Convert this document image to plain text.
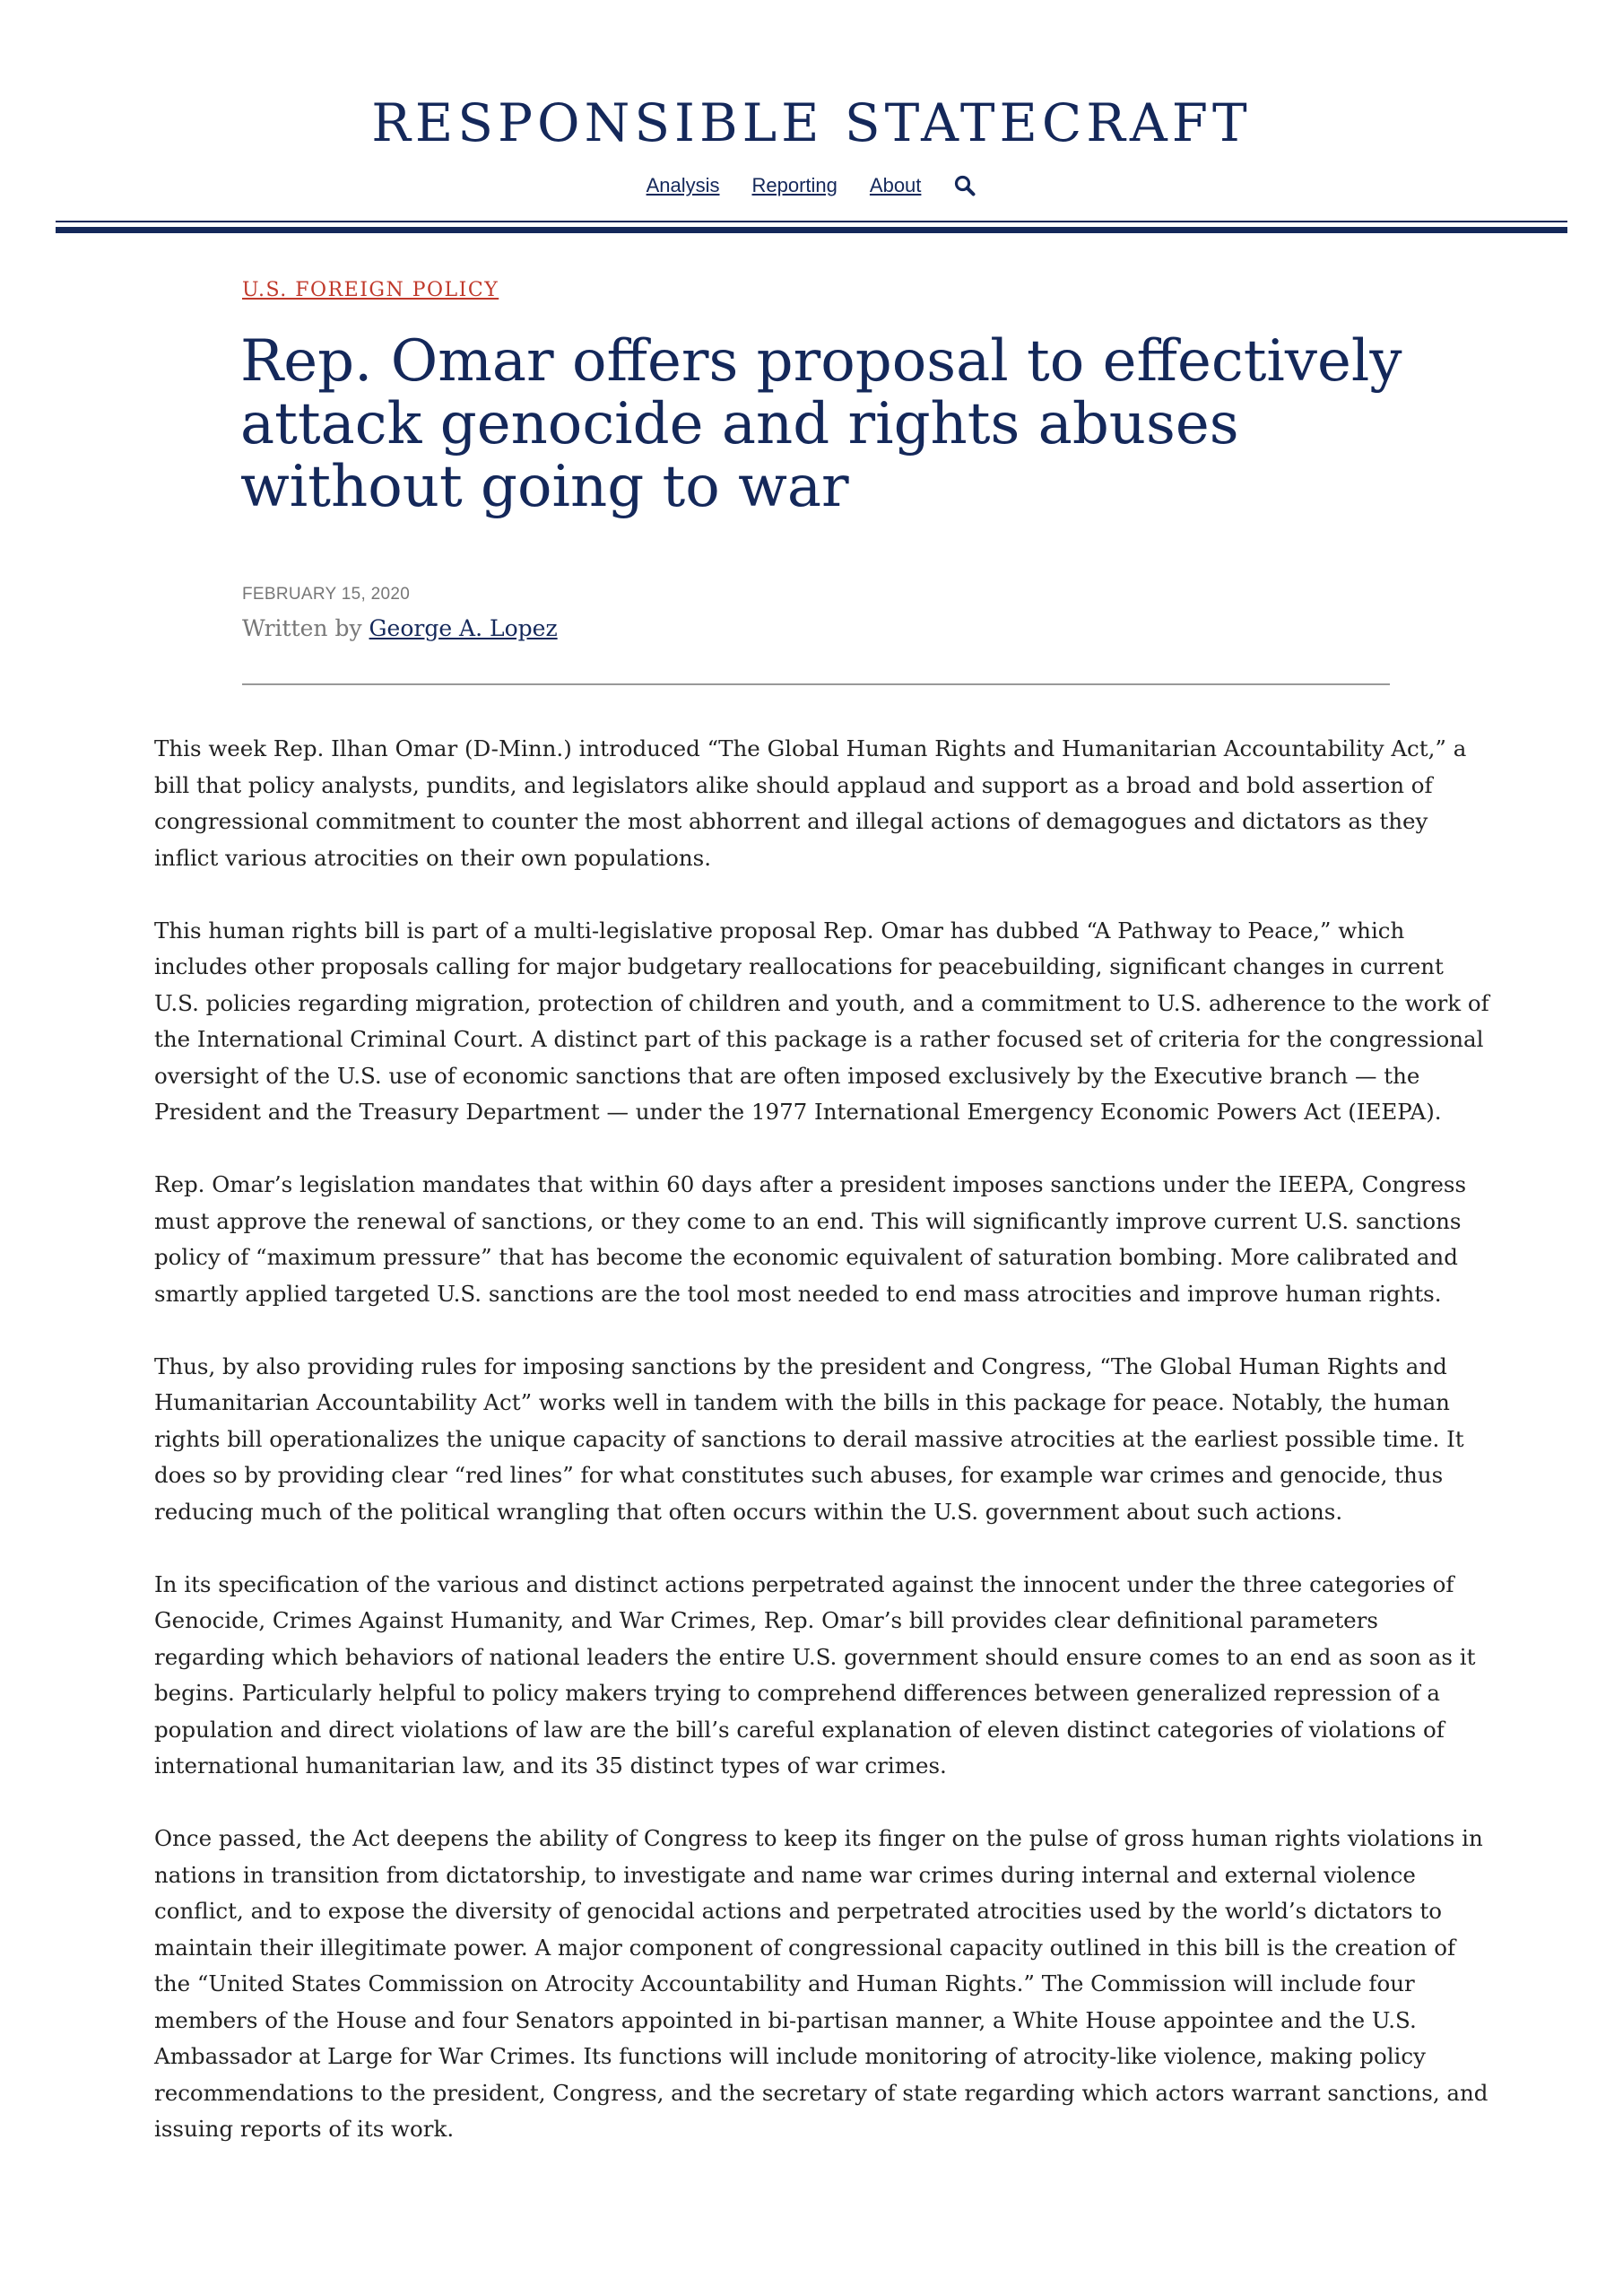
RESPONSIBLE STATECRAFT
Analysis Reporting About
U.S. FOREIGN POLICY
Rep. Omar offers proposal to effectively attack genocide and rights abuses without going to war
FEBRUARY 15, 2020
Written by George A. Lopez

This week Rep. Ilhan Omar (D-Minn.) introduced “The Global Human Rights and Humanitarian Accountability Act,” a bill that policy analysts, pundits, and legislators alike should applaud and support as a broad and bold assertion of congressional commitment to counter the most abhorrent and illegal actions of demagogues and dictators as they inflict various atrocities on their own populations.

This human rights bill is part of a multi-legislative proposal Rep. Omar has dubbed “A Pathway to Peace,” which includes other proposals calling for major budgetary reallocations for peacebuilding, significant changes in current U.S. policies regarding migration, protection of children and youth, and a commitment to U.S. adherence to the work of the International Criminal Court. A distinct part of this package is a rather focused set of criteria for the congressional oversight of the U.S. use of economic sanctions that are often imposed exclusively by the Executive branch — the President and the Treasury Department — under the 1977 International Emergency Economic Powers Act (IEEPA).

Rep. Omar’s legislation mandates that within 60 days after a president imposes sanctions under the IEEPA, Congress must approve the renewal of sanctions, or they come to an end. This will significantly improve current U.S. sanctions policy of “maximum pressure” that has become the economic equivalent of saturation bombing. More calibrated and smartly applied targeted U.S. sanctions are the tool most needed to end mass atrocities and improve human rights.

Thus, by also providing rules for imposing sanctions by the president and Congress, “The Global Human Rights and Humanitarian Accountability Act” works well in tandem with the bills in this package for peace. Notably, the human rights bill operationalizes the unique capacity of sanctions to derail massive atrocities at the earliest possible time. It does so by providing clear “red lines” for what constitutes such abuses, for example war crimes and genocide, thus reducing much of the political wrangling that often occurs within the U.S. government about such actions.

In its specification of the various and distinct actions perpetrated against the innocent under the three categories of Genocide, Crimes Against Humanity, and War Crimes, Rep. Omar’s bill provides clear definitional parameters regarding which behaviors of national leaders the entire U.S. government should ensure comes to an end as soon as it begins. Particularly helpful to policy makers trying to comprehend differences between generalized repression of a population and direct violations of law are the bill’s careful explanation of eleven distinct categories of violations of international humanitarian law, and its 35 distinct types of war crimes.

Once passed, the Act deepens the ability of Congress to keep its finger on the pulse of gross human rights violations in nations in transition from dictatorship, to investigate and name war crimes during internal and external violence conflict, and to expose the diversity of genocidal actions and perpetrated atrocities used by the world’s dictators to maintain their illegitimate power. A major component of congressional capacity outlined in this bill is the creation of the “United States Commission on Atrocity Accountability and Human Rights.” The Commission will include four members of the House and four Senators appointed in bi-partisan manner, a White House appointee and the U.S. Ambassador at Large for War Crimes. Its functions will include monitoring of atrocity-like violence, making policy recommendations to the president, Congress, and the secretary of state regarding which actors warrant sanctions, and issuing reports of its work.
